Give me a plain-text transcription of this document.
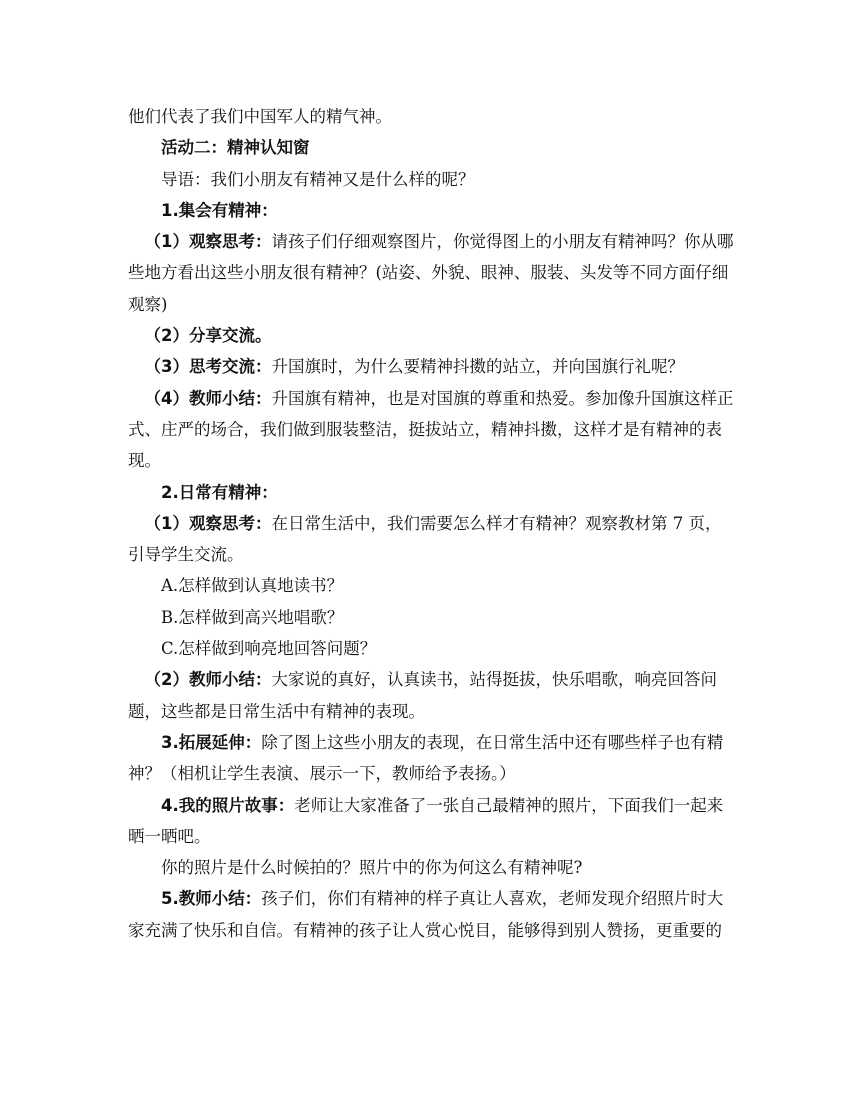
他们代表了我们中国军人的精气神。

活动二：精神认知窗

导语：我们小朋友有精神又是什么样的呢？

1.集会有精神：

（1）观察思考：请孩子们仔细观察图片，你觉得图上的小朋友有精神吗？你从哪些地方看出这些小朋友很有精神？(站姿、外貌、眼神、服装、头发等不同方面仔细观察)

（2）分享交流。

（3）思考交流：升国旗时，为什么要精神抖擞的站立，并向国旗行礼呢？

（4）教师小结：升国旗有精神，也是对国旗的尊重和热爱。参加像升国旗这样正式、庄严的场合，我们做到服装整洁，挺拔站立，精神抖擞，这样才是有精神的表现。

2.日常有精神：

（1）观察思考：在日常生活中，我们需要怎么样才有精神？观察教材第 7 页，引导学生交流。

A.怎样做到认真地读书？

B.怎样做到高兴地唱歌？

C.怎样做到响亮地回答问题？

（2）教师小结：大家说的真好，认真读书，站得挺拔，快乐唱歌，响亮回答问题，这些都是日常生活中有精神的表现。

3.拓展延伸：除了图上这些小朋友的表现，在日常生活中还有哪些样子也有精神？（相机让学生表演、展示一下，教师给予表扬。）

4.我的照片故事：老师让大家准备了一张自己最精神的照片，下面我们一起来晒一晒吧。

你的照片是什么时候拍的？照片中的你为何这么有精神呢?

5.教师小结：孩子们，你们有精神的样子真让人喜欢，老师发现介绍照片时大家充满了快乐和自信。有精神的孩子让人赏心悦目，能够得到别人赞扬，更重要的
